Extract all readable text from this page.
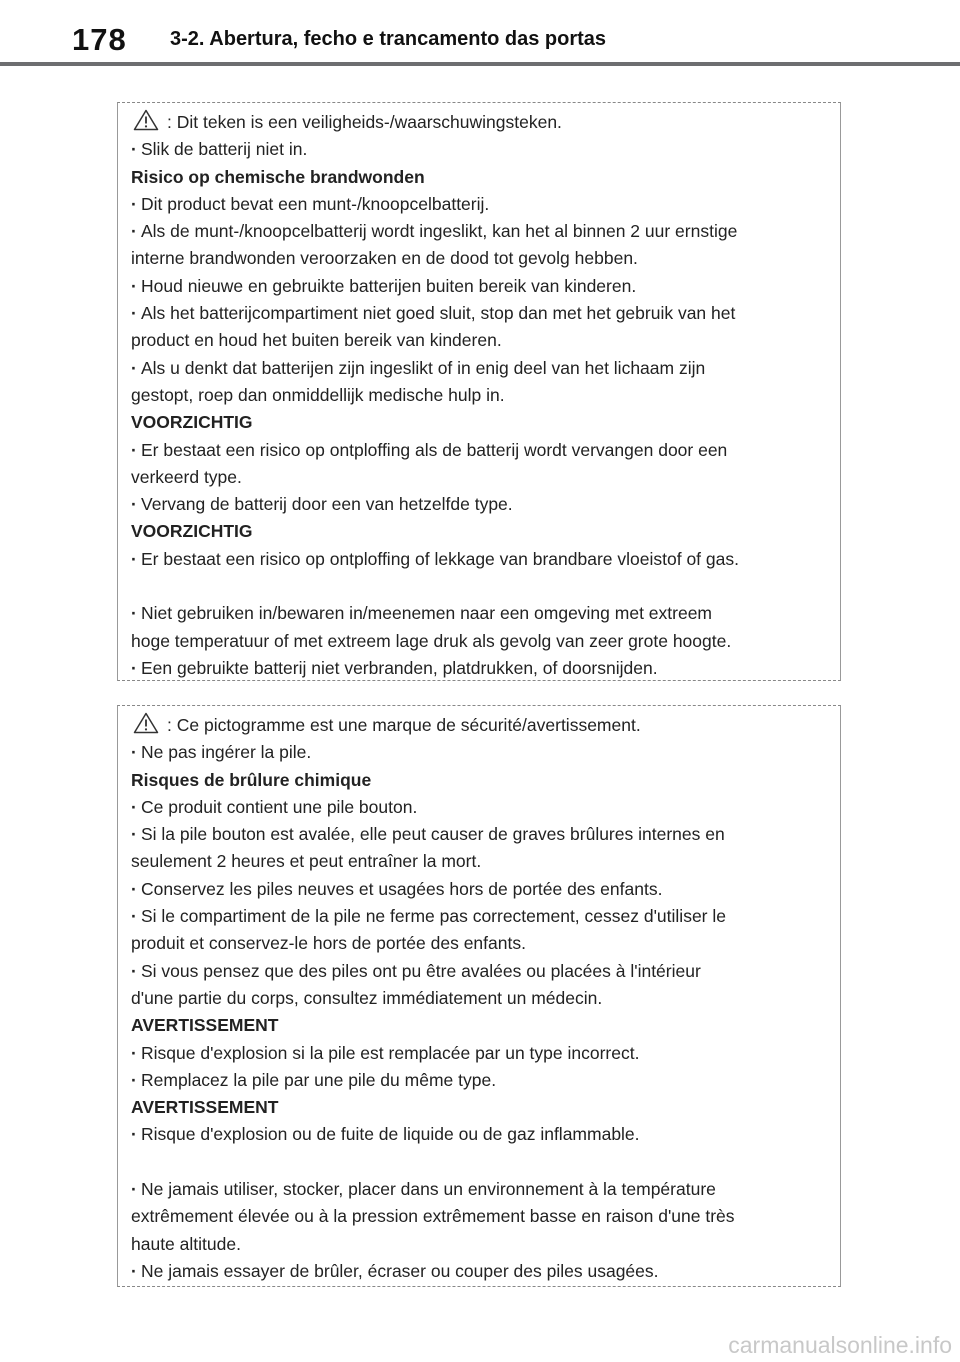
178 3-2. Abertura, fecho e trancamento das portas
: Dit teken is een veiligheids-/waarschuwingsteken.
· Slik de batterij niet in.
Risico op chemische brandwonden
· Dit product bevat een munt-/knoopcelbatterij.
· Als de munt-/knoopcelbatterij wordt ingeslikt, kan het al binnen 2 uur ernstige
interne brandwonden veroorzaken en de dood tot gevolg hebben.
· Houd nieuwe en gebruikte batterijen buiten bereik van kinderen.
· Als het batterijcompartiment niet goed sluit, stop dan met het gebruik van het
product en houd het buiten bereik van kinderen.
· Als u denkt dat batterijen zijn ingeslikt of in enig deel van het lichaam zijn
gestopt, roep dan onmiddellijk medische hulp in.
VOORZICHTIG
· Er bestaat een risico op ontploffing als de batterij wordt vervangen door een
verkeerd type.
· Vervang de batterij door een van hetzelfde type.
VOORZICHTIG
· Er bestaat een risico op ontploffing of lekkage van brandbare vloeistof of gas.
· Niet gebruiken in/bewaren in/meenemen naar een omgeving met extreem
hoge temperatuur of met extreem lage druk als gevolg van zeer grote hoogte.
· Een gebruikte batterij niet verbranden, platdrukken, of doorsnijden.
: Ce pictogramme est une marque de sécurité/avertissement.
· Ne pas ingérer la pile.
Risques de brûlure chimique
· Ce produit contient une pile bouton.
· Si la pile bouton est avalée, elle peut causer de graves brûlures internes en
seulement 2 heures et peut entraîner la mort.
· Conservez les piles neuves et usagées hors de portée des enfants.
· Si le compartiment de la pile ne ferme pas correctement, cessez d'utiliser le
produit et conservez-le hors de portée des enfants.
· Si vous pensez que des piles ont pu être avalées ou placées à l'intérieur
d'une partie du corps, consultez immédiatement un médecin.
AVERTISSEMENT
· Risque d'explosion si la pile est remplacée par un type incorrect.
· Remplacez la pile par une pile du même type.
AVERTISSEMENT
· Risque d'explosion ou de fuite de liquide ou de gaz inflammable.
· Ne jamais utiliser, stocker, placer dans un environnement à la température
extrêmement élevée ou à la pression extrêmement basse en raison d'une très
haute altitude.
· Ne jamais essayer de brûler, écraser ou couper des piles usagées.
carmanualsonline.info
